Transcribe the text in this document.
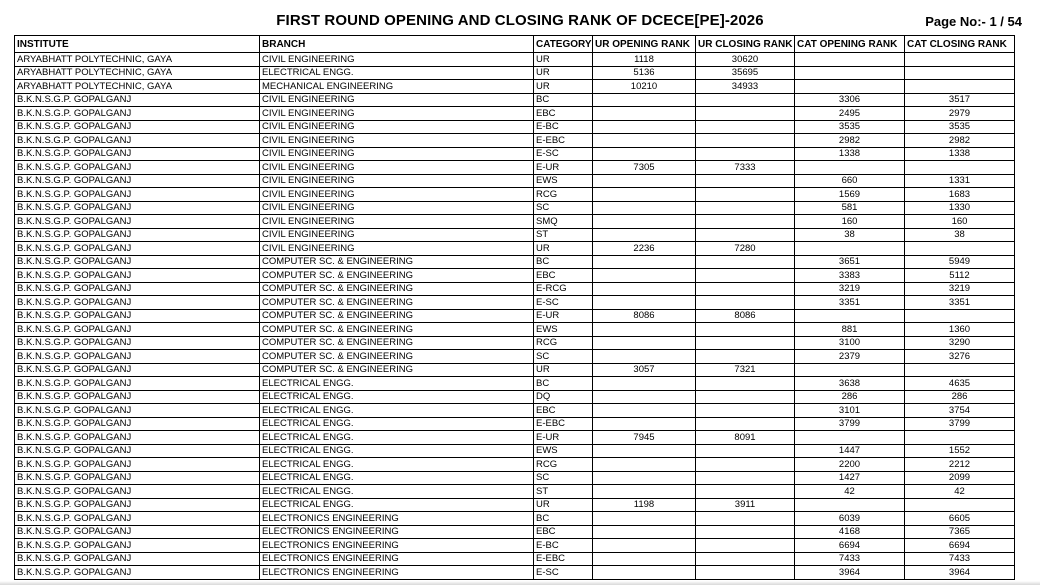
FIRST ROUND OPENING AND CLOSING RANK OF DCECE[PE]-2026	Page No:- 1 / 54
INSTITUTE	BRANCH	CATEGORY	UR OPENING RANK	UR CLOSING RANK	CAT OPENING RANK	CAT CLOSING RANK
ARYABHATT POLYTECHNIC, GAYA	CIVIL ENGINEERING	UR	1118	30620		
ARYABHATT POLYTECHNIC, GAYA	ELECTRICAL ENGG.	UR	5136	35695		
ARYABHATT POLYTECHNIC, GAYA	MECHANICAL ENGINEERING	UR	10210	34933		
B.K.N.S.G.P. GOPALGANJ	CIVIL ENGINEERING	BC			3306	3517
B.K.N.S.G.P. GOPALGANJ	CIVIL ENGINEERING	EBC			2495	2979
B.K.N.S.G.P. GOPALGANJ	CIVIL ENGINEERING	E-BC			3535	3535
B.K.N.S.G.P. GOPALGANJ	CIVIL ENGINEERING	E-EBC			2982	2982
B.K.N.S.G.P. GOPALGANJ	CIVIL ENGINEERING	E-SC			1338	1338
B.K.N.S.G.P. GOPALGANJ	CIVIL ENGINEERING	E-UR	7305	7333		
B.K.N.S.G.P. GOPALGANJ	CIVIL ENGINEERING	EWS			660	1331
B.K.N.S.G.P. GOPALGANJ	CIVIL ENGINEERING	RCG			1569	1683
B.K.N.S.G.P. GOPALGANJ	CIVIL ENGINEERING	SC			581	1330
B.K.N.S.G.P. GOPALGANJ	CIVIL ENGINEERING	SMQ			160	160
B.K.N.S.G.P. GOPALGANJ	CIVIL ENGINEERING	ST			38	38
B.K.N.S.G.P. GOPALGANJ	CIVIL ENGINEERING	UR	2236	7280		
B.K.N.S.G.P. GOPALGANJ	COMPUTER SC. & ENGINEERING	BC			3651	5949
B.K.N.S.G.P. GOPALGANJ	COMPUTER SC. & ENGINEERING	EBC			3383	5112
B.K.N.S.G.P. GOPALGANJ	COMPUTER SC. & ENGINEERING	E-RCG			3219	3219
B.K.N.S.G.P. GOPALGANJ	COMPUTER SC. & ENGINEERING	E-SC			3351	3351
B.K.N.S.G.P. GOPALGANJ	COMPUTER SC. & ENGINEERING	E-UR	8086	8086		
B.K.N.S.G.P. GOPALGANJ	COMPUTER SC. & ENGINEERING	EWS			881	1360
B.K.N.S.G.P. GOPALGANJ	COMPUTER SC. & ENGINEERING	RCG			3100	3290
B.K.N.S.G.P. GOPALGANJ	COMPUTER SC. & ENGINEERING	SC			2379	3276
B.K.N.S.G.P. GOPALGANJ	COMPUTER SC. & ENGINEERING	UR	3057	7321		
B.K.N.S.G.P. GOPALGANJ	ELECTRICAL ENGG.	BC			3638	4635
B.K.N.S.G.P. GOPALGANJ	ELECTRICAL ENGG.	DQ			286	286
B.K.N.S.G.P. GOPALGANJ	ELECTRICAL ENGG.	EBC			3101	3754
B.K.N.S.G.P. GOPALGANJ	ELECTRICAL ENGG.	E-EBC			3799	3799
B.K.N.S.G.P. GOPALGANJ	ELECTRICAL ENGG.	E-UR	7945	8091		
B.K.N.S.G.P. GOPALGANJ	ELECTRICAL ENGG.	EWS			1447	1552
B.K.N.S.G.P. GOPALGANJ	ELECTRICAL ENGG.	RCG			2200	2212
B.K.N.S.G.P. GOPALGANJ	ELECTRICAL ENGG.	SC			1427	2099
B.K.N.S.G.P. GOPALGANJ	ELECTRICAL ENGG.	ST			42	42
B.K.N.S.G.P. GOPALGANJ	ELECTRICAL ENGG.	UR	1198	3911		
B.K.N.S.G.P. GOPALGANJ	ELECTRONICS ENGINEERING	BC			6039	6605
B.K.N.S.G.P. GOPALGANJ	ELECTRONICS ENGINEERING	EBC			4168	7365
B.K.N.S.G.P. GOPALGANJ	ELECTRONICS ENGINEERING	E-BC			6694	6694
B.K.N.S.G.P. GOPALGANJ	ELECTRONICS ENGINEERING	E-EBC			7433	7433
B.K.N.S.G.P. GOPALGANJ	ELECTRONICS ENGINEERING	E-SC			3964	3964
